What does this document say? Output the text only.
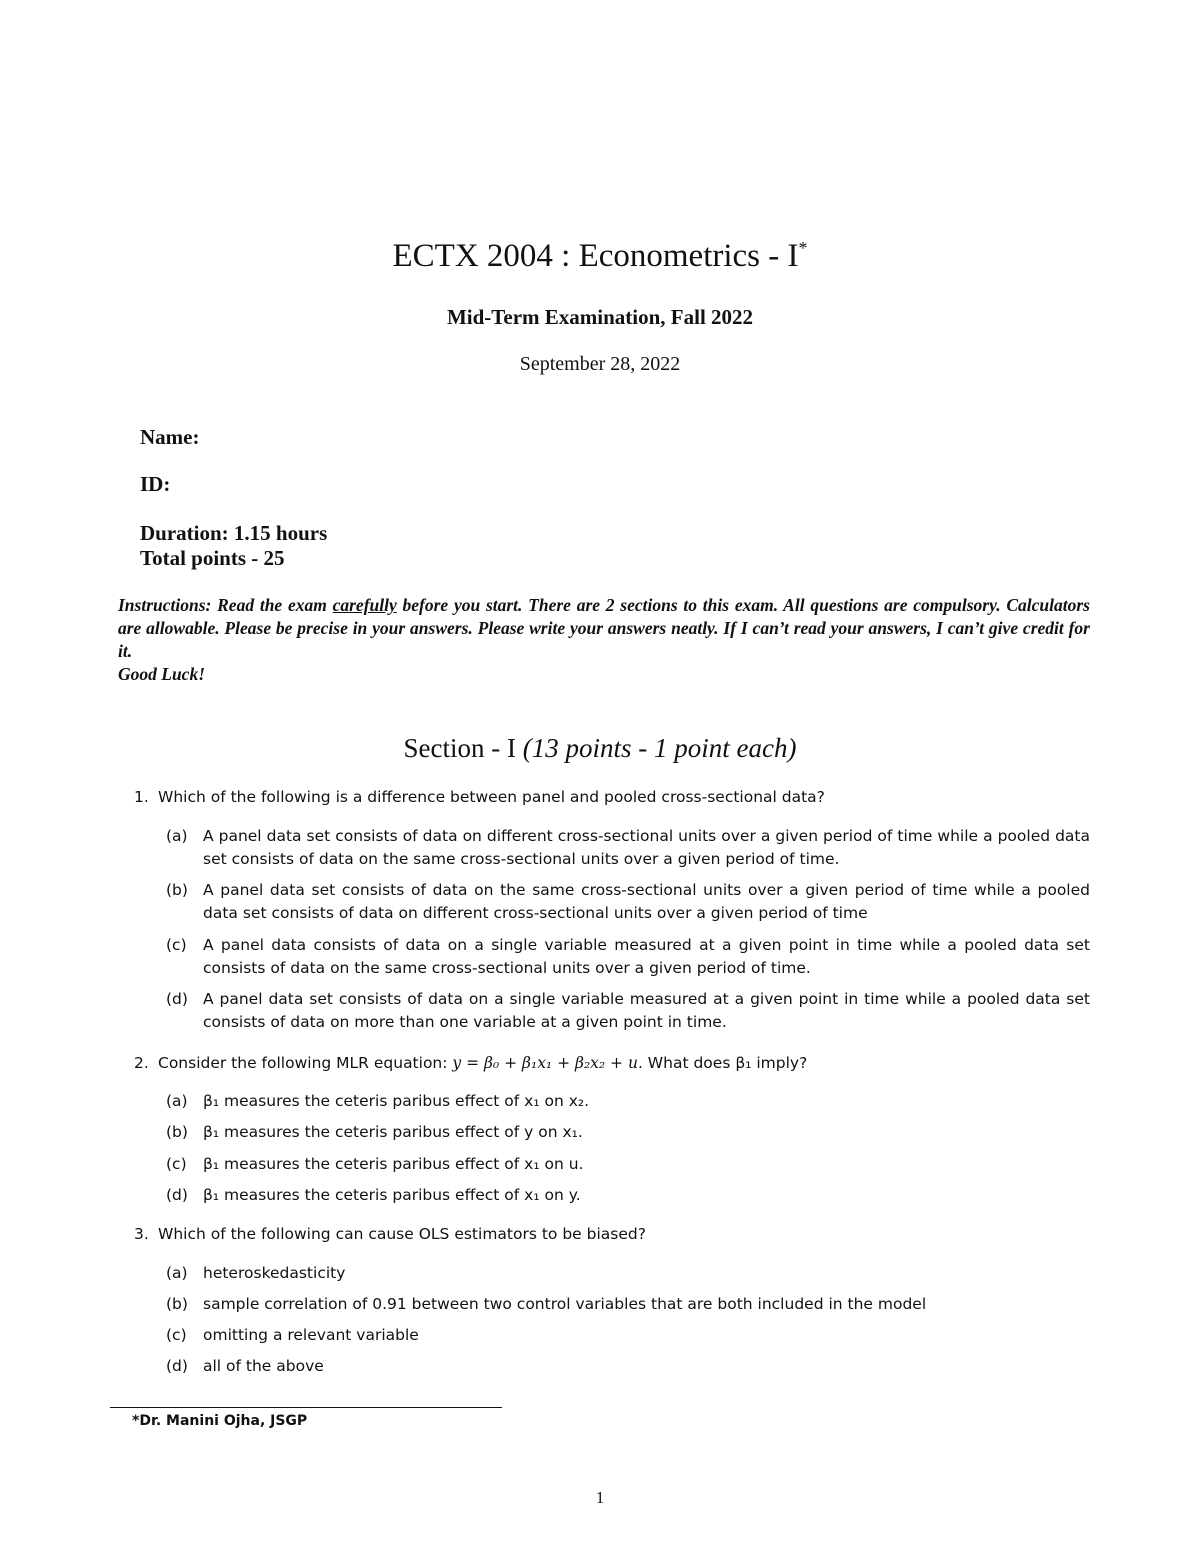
ECTX 2004 : Econometrics - I*
Mid-Term Examination, Fall 2022
September 28, 2022
Name:
ID:
Duration: 1.15 hours
Total points - 25
Instructions: Read the exam carefully before you start. There are 2 sections to this exam. All questions are compulsory. Calculators are allowable. Please be precise in your answers. Please write your answers neatly. If I can’t read your answers, I can’t give credit for it.
Good Luck!
Section - I (13 points - 1 point each)
1. Which of the following is a difference between panel and pooled cross-sectional data?
(a) A panel data set consists of data on different cross-sectional units over a given period of time while a pooled data set consists of data on the same cross-sectional units over a given period of time.
(b) A panel data set consists of data on the same cross-sectional units over a given period of time while a pooled data set consists of data on different cross-sectional units over a given period of time
(c)	A panel data consists of data on a single variable measured at a given point in time while a pooled data set consists of data on the same cross-sectional units over a given period of time.
(d) A panel data set consists of data on a single variable measured at a given point in time while a pooled data set consists of data on more than one variable at a given point in time.
2. Consider the following MLR equation: y = β₀ + β₁x₁ + β₂x₂ + u. What does β₁ imply?
(a) β₁ measures the ceteris paribus effect of x₁ on x₂.
(b) β₁ measures the ceteris paribus effect of y on x₁.
(c)	β₁ measures the ceteris paribus effect of x₁ on u.
(d) β₁ measures the ceteris paribus effect of x₁ on y.
3. Which of the following can cause OLS estimators to be biased?
(a) heteroskedasticity
(b) sample correlation of 0.91 between two control variables that are both included in the model
(c)	omitting a relevant variable
(d) all of the above
*Dr. Manini Ojha, JSGP
1
